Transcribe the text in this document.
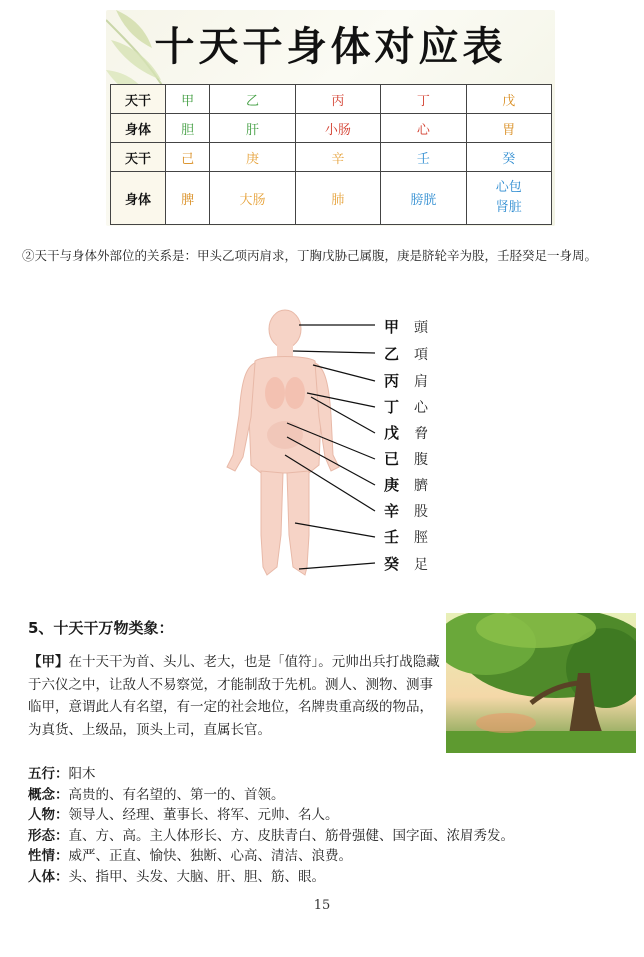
十天干身体对应表
天干	甲	乙	丙	丁	戊
身体	胆	肝	小肠	心	胃
天干	己	庚	辛	壬	癸
身体	脾	大肠	肺	膀胱	心包
肾脏
②天干与身体外部位的关系是：甲头乙项丙肩求，丁胸戊胁己属腹，庚是脐轮辛为股，壬胫癸足一身周。
甲 頭
乙 項
丙 肩
丁 心
戊 脅
已 腹
庚 臍
辛 股
壬 脛
癸 足
5、十天干万物类象：
【甲】在十天干为首、头儿、老大，也是「值符」。元帅出兵打战隐藏于六仪之中，让敌人不易察觉，才能制敌于先机。测人、测物、测事临甲，意谓此人有名望，有一定的社会地位，名牌贵重高级的物品，为真货、上级品，顶头上司，直属长官。
五行：阳木
概念：高贵的、有名望的、第一的、首领。
人物：领导人、经理、董事长、将军、元帅、名人。
形态：直、方、高。主人体形长、方、皮肤青白、筋骨强健、国字面、浓眉秀发。
性情：威严、正直、愉快、独断、心高、清洁、浪费。
人体：头、指甲、头发、大脑、肝、胆、筋、眼。
15
